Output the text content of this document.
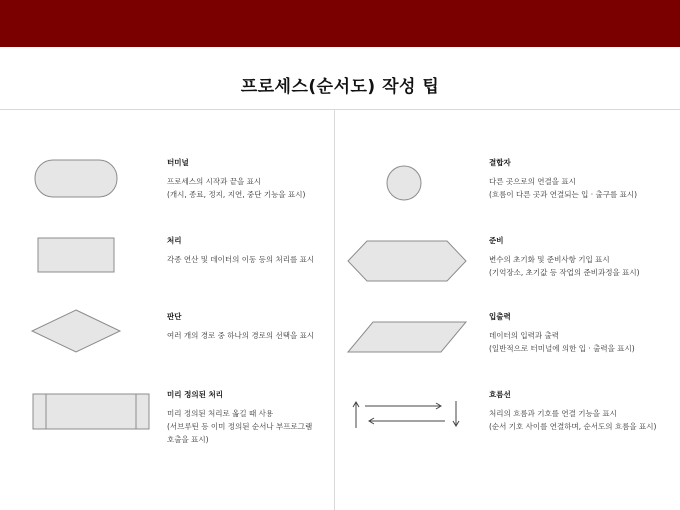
프로세스(순서도) 작성 팁
터미널
프로세스의 시작과 끝을 표시
(개시, 종료, 정지, 지연, 중단 기능을 표시)
처리
각종 연산 및 데이터의 이동 등의 처리를 표시
판단
여러 개의 경로 중 하나의 경로의 선택을 표시
미리 정의된 처리
미리 정의된 처리로 옮길 때 사용
(서브루틴 등 이미 정의된 순서나 부프로그램
호출을 표시)
결합자
다른 곳으로의 연결을 표시
(흐름이 다른 곳과 연결되는 입 · 출구를 표시)
준비
변수의 초기화 및 준비사항 기입 표시
(기억장소, 초기값 등 작업의 준비과정을 표시)
입출력
데이터의 입력과 출력
(일반적으로 터미널에 의한 입 · 출력을 표시)
흐름선
처리의 흐름과 기호를 연결 기능을 표시
(순서 기호 사이를 연결하며, 순서도의 흐름을 표시)
